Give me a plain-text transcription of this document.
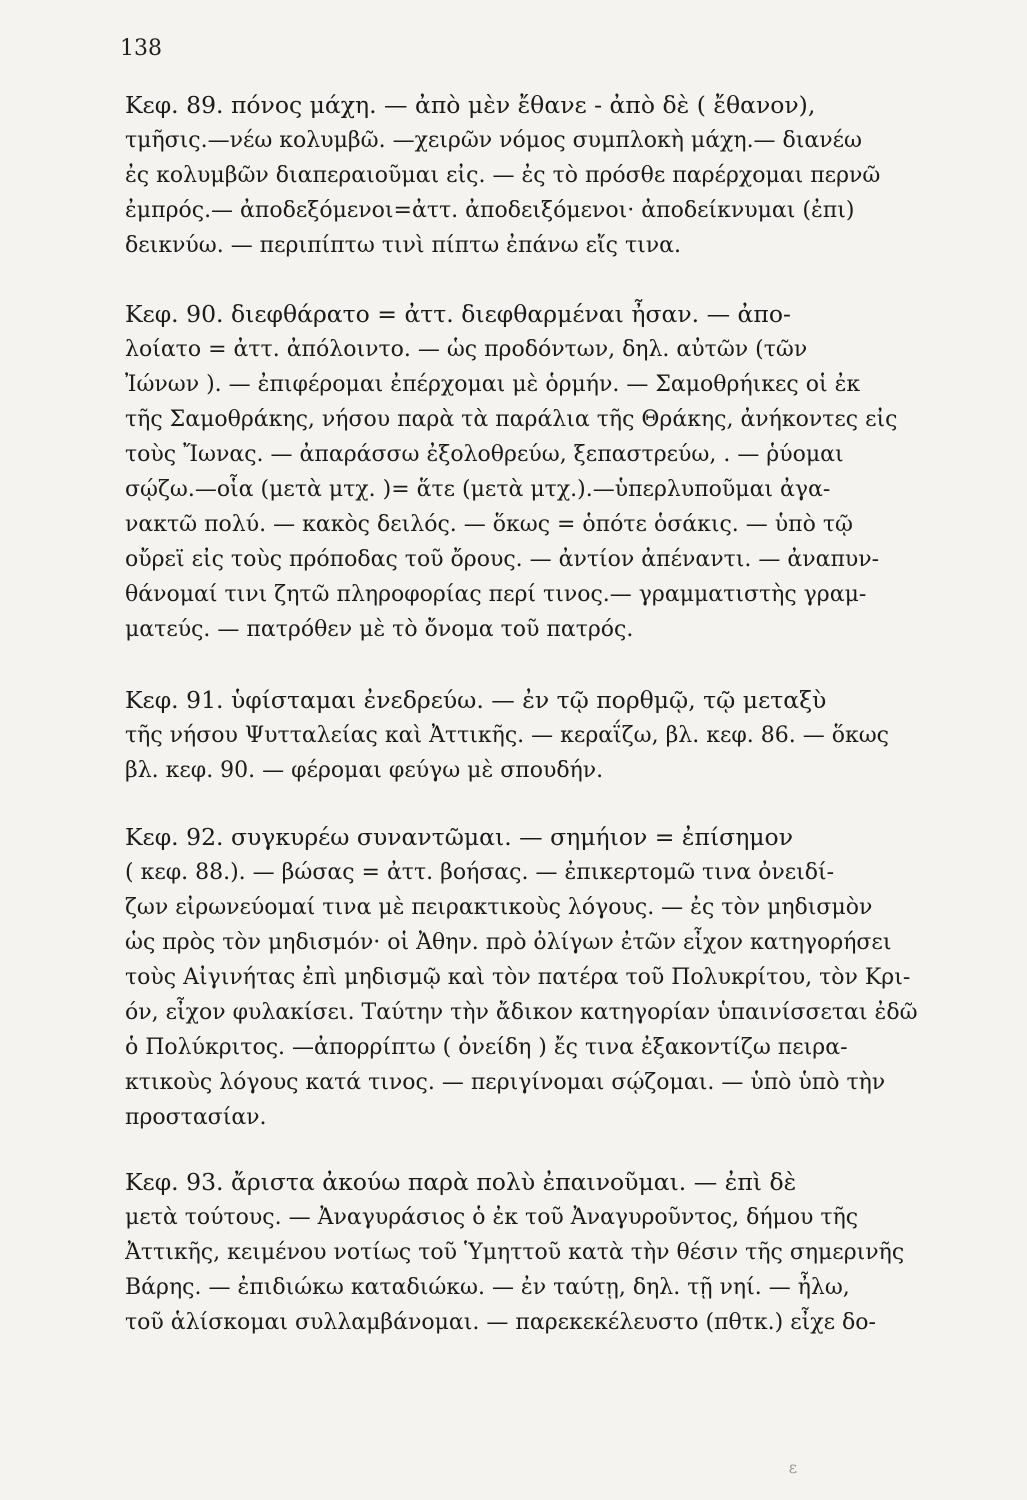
138
Κεφ. 89. πόνος μάχη. — ἀπὸ μὲν ἔθανε - ἀπὸ δὲ ( ἔθανον),
τμῆσις.—νέω κολυμβῶ. —χειρῶν νόμος συμπλοκὴ μάχη.— διανέω
ἐς κολυμβῶν διαπεραιοῦμαι εἰς. — ἐς τὸ πρόσθε παρέρχομαι περνῶ
ἐμπρός.— ἀποδεξόμενοι=ἀττ. ἀποδειξόμενοι· ἀποδείκνυμαι (ἐπι)
δεικνύω. — περιπίπτω τινὶ πίπτω ἐπάνω εἴς τινα.
Κεφ. 90. διεφθάρατο = ἀττ. διεφθαρμέναι ἦσαν. — ἀπο-
λοίατο = ἀττ. ἀπόλοιντο. — ὡς προδόντων, δηλ. αὐτῶν (τῶν
Ἰώνων ). — ἐπιφέρομαι ἐπέρχομαι μὲ ὁρμήν. — Σαμοθρήικες οἱ ἐκ
τῆς Σαμοθράκης, νήσου παρὰ τὰ παράλια τῆς Θράκης, ἀνήκοντες εἰς
τοὺς Ἴωνας. — ἀπαράσσω ἐξολοθρεύω, ξεπαστρεύω, . — ῥύομαι
σῴζω.—οἷα (μετὰ μτχ. )= ἅτε (μετὰ μτχ.).—ὑπερλυποῦμαι ἀγα-
νακτῶ πολύ. — κακὸς δειλός. — ὅκως = ὁπότε ὁσάκις. — ὑπὸ τῷ
οὔρεϊ εἰς τοὺς πρόποδας τοῦ ὄρους. — ἀντίον ἀπέναντι. — ἀναπυν-
θάνομαί τινι ζητῶ πληροφορίας περί τινος.— γραμματιστὴς γραμ-
ματεύς. — πατρόθεν μὲ τὸ ὄνομα τοῦ πατρός.
Κεφ. 91. ὑφίσταμαι ἐνεδρεύω. — ἐν τῷ πορθμῷ, τῷ μεταξὺ
τῆς νήσου Ψυτταλείας καὶ Ἀττικῆς. — κεραΐζω, βλ. κεφ. 86. — ὅκως
βλ. κεφ. 90. — φέρομαι φεύγω μὲ σπουδήν.
Κεφ. 92. συγκυρέω συναντῶμαι. — σημήιον = ἐπίσημον
( κεφ. 88.). — βώσας = ἀττ. βοήσας. — ἐπικερτομῶ τινα ὀνειδί-
ζων εἰρωνεύομαί τινα μὲ πειρακτικοὺς λόγους. — ἐς τὸν μηδισμὸν
ὡς πρὸς τὸν μηδισμόν· οἱ Ἀθην. πρὸ ὀλίγων ἐτῶν εἶχον κατηγορήσει
τοὺς Αἰγινήτας ἐπὶ μηδισμῷ καὶ τὸν πατέρα τοῦ Πολυκρίτου, τὸν Κρι-
όν, εἶχον φυλακίσει. Ταύτην τὴν ἄδικον κατηγορίαν ὑπαινίσσεται ἐδῶ
ὁ Πολύκριτος. —ἀπορρίπτω ( ὀνείδη ) ἔς τινα ἐξακοντίζω πειρα-
κτικοὺς λόγους κατά τινος. — περιγίνομαι σῴζομαι. — ὑπὸ ὑπὸ τὴν
προστασίαν.
Κεφ. 93. ἄριστα ἀκούω παρὰ πολὺ ἐπαινοῦμαι. — ἐπὶ δὲ
μετὰ τούτους. — Ἀναγυράσιος ὁ ἐκ τοῦ Ἀναγυροῦντος, δήμου τῆς
Ἀττικῆς, κειμένου νοτίως τοῦ Ὑμηττοῦ κατὰ τὴν θέσιν τῆς σημερινῆς
Βάρης. — ἐπιδιώκω καταδιώκω. — ἐν ταύτῃ, δηλ. τῇ νηί. — ἦλω,
τοῦ ἁλίσκομαι συλλαμβάνομαι. — παρεκεκέλευστο (πθτκ.) εἶχε δο-
ε
